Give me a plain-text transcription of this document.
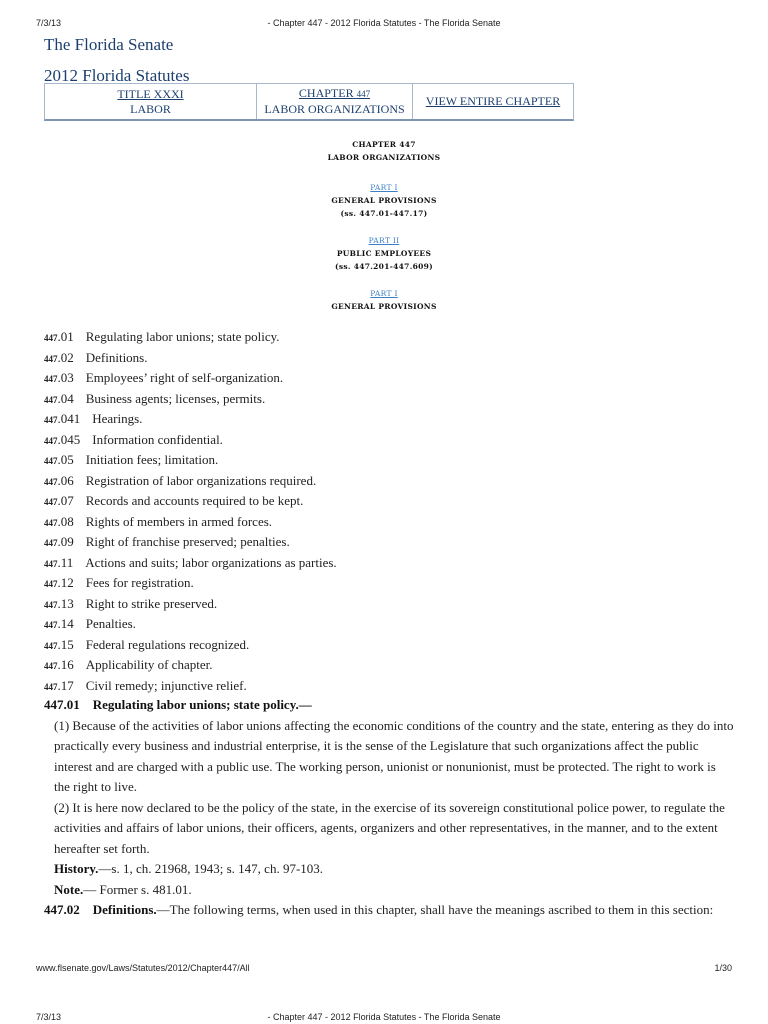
7/3/13	- Chapter 447 - 2012 Florida Statutes - The Florida Senate
The Florida Senate
2012 Florida Statutes
TITLE XXXI
LABOR
CHAPTER 447
LABOR ORGANIZATIONS
VIEW ENTIRE CHAPTER
CHAPTER 447
LABOR ORGANIZATIONS
PART I
GENERAL PROVISIONS
(ss. 447.01-447.17)
PART II
PUBLIC EMPLOYEES
(ss. 447.201-447.609)
PART I
GENERAL PROVISIONS
447.01 Regulating labor unions; state policy.
447.02 Definitions.
447.03 Employees’ right of self-organization.
447.04 Business agents; licenses, permits.
447.041 Hearings.
447.045 Information confidential.
447.05 Initiation fees; limitation.
447.06 Registration of labor organizations required.
447.07 Records and accounts required to be kept.
447.08 Rights of members in armed forces.
447.09 Right of franchise preserved; penalties.
447.11 Actions and suits; labor organizations as parties.
447.12 Fees for registration.
447.13 Right to strike preserved.
447.14 Penalties.
447.15 Federal regulations recognized.
447.16 Applicability of chapter.
447.17 Civil remedy; injunctive relief.

447.01 Regulating labor unions; state policy.—

(1) Because of the activities of labor unions affecting the economic conditions of the country and the state, entering as they do into practically every business and industrial enterprise, it is the sense of the Legislature that such organizations affect the public interest and are charged with a public use. The working person, unionist or nonunionist, must be protected. The right to work is the right to live.

(2) It is here now declared to be the policy of the state, in the exercise of its sovereign constitutional police power, to regulate the activities and affairs of labor unions, their officers, agents, organizers and other representatives, in the manner, and to the extent hereafter set forth.

History.—s. 1, ch. 21968, 1943; s. 147, ch. 97-103.

Note.— Former s. 481.01.

447.02 Definitions.—The following terms, when used in this chapter, shall have the meanings ascribed to them in this section:

www.flsenate.gov/Laws/Statutes/2012/Chapter447/All	1/30
7/3/13	- Chapter 447 - 2012 Florida Statutes - The Florida Senate
